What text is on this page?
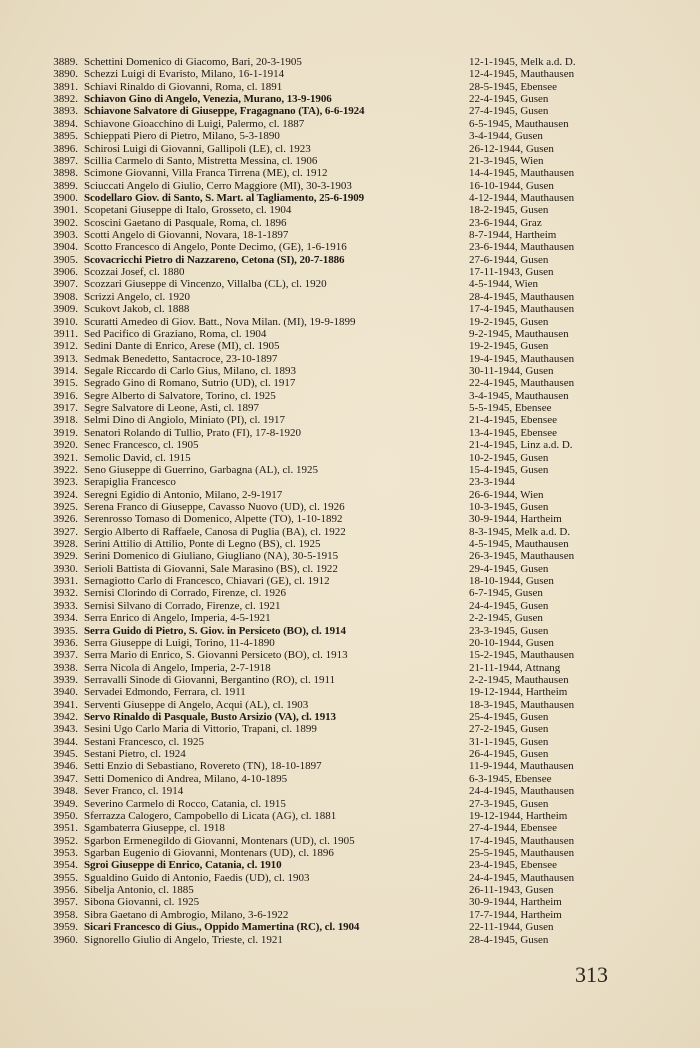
3889. Schettini Domenico di Giacomo, Bari, 20-3-1905	12-1-1945, Melk a.d. D.
3890. Schezzi Luigi di Evaristo, Milano, 16-1-1914	12-4-1945, Mauthausen
3891. Schiavi Rinaldo di Giovanni, Roma, cl. 1891	28-5-1945, Ebensee
3892. Schiavon Gino di Angelo, Venezia, Murano, 13-9-1906	22-4-1945, Gusen
3893. Schiavone Salvatore di Giuseppe, Fragagnano (TA), 6-6-1924	27-4-1945, Gusen
3894. Schiavone Gioacchino di Luigi, Palermo, cl. 1887	6-5-1945, Mauthausen
3895. Schieppati Piero di Pietro, Milano, 5-3-1890	3-4-1944, Gusen
3896. Schirosi Luigi di Giovanni, Gallipoli (LE), cl. 1923	26-12-1944, Gusen
3897. Scillia Carmelo di Santo, Mistretta Messina, cl. 1906	21-3-1945, Wien
3898. Scimone Giovanni, Villa Franca Tirrena (ME), cl. 1912	14-4-1945, Mauthausen
3899. Sciuccati Angelo di Giulio, Cerro Maggiore (MI), 30-3-1903	16-10-1944, Gusen
3900. Scodellaro Giov. di Santo, S. Mart. al Tagliamento, 25-6-1909	4-12-1944, Mauthausen
3901. Scopetani Giuseppe di Italo, Grosseto, cl. 1904	18-2-1945, Gusen
3902. Scoscini Gaetano di Pasquale, Roma, cl. 1896	23-6-1944, Graz
3903. Scotti Angelo di Giovanni, Novara, 18-1-1897	8-7-1944, Hartheim
3904. Scotto Francesco di Angelo, Ponte Decimo, (GE), 1-6-1916	23-6-1944, Mauthausen
3905. Scovacricchi Pietro di Nazzareno, Cetona (SI), 20-7-1886	27-6-1944, Gusen
3906. Scozzai Josef, cl. 1880	17-11-1943, Gusen
3907. Scozzari Giuseppe di Vincenzo, Villalba (CL), cl. 1920	4-5-1944, Wien
3908. Scrizzi Angelo, cl. 1920	28-4-1945, Mauthausen
3909. Scukovt Jakob, cl. 1888	17-4-1945, Mauthausen
3910. Scuratti Amedeo di Giov. Batt., Nova Milan. (MI), 19-9-1899	19-2-1945, Gusen
3911. Sed Pacifico di Graziano, Roma, cl. 1904	9-2-1945, Mauthausen
3912. Sedini Dante di Enrico, Arese (MI), cl. 1905	19-2-1945, Gusen
3913. Sedmak Benedetto, Santacroce, 23-10-1897	19-4-1945, Mauthausen
3914. Segale Riccardo di Carlo Gius, Milano, cl. 1893	30-11-1944, Gusen
3915. Segrado Gino di Romano, Sutrio (UD), cl. 1917	22-4-1945, Mauthausen
3916. Segre Alberto di Salvatore, Torino, cl. 1925	3-4-1945, Mauthausen
3917. Segre Salvatore di Leone, Asti, cl. 1897	5-5-1945, Ebensee
3918. Selmi Dino di Angiolo, Miniato (PI), cl. 1917	21-4-1945, Ebensee
3919. Senatori Rolando di Tullio, Prato (FI), 17-8-1920	13-4-1945, Ebensee
3920. Senec Francesco, cl. 1905	21-4-1945, Linz a.d. D.
3921. Semolic David, cl. 1915	10-2-1945, Gusen
3922. Seno Giuseppe di Guerrino, Garbagna (AL), cl. 1925	15-4-1945, Gusen
3923. Serapiglia Francesco	23-3-1944
3924. Seregni Egidio di Antonio, Milano, 2-9-1917	26-6-1944, Wien
3925. Serena Franco di Giuseppe, Cavasso Nuovo (UD), cl. 1926	10-3-1945, Gusen
3926. Serenrosso Tomaso di Domenico, Alpette (TO), 1-10-1892	30-9-1944, Hartheim
3927. Sergio Alberto di Raffaele, Canosa di Puglia (BA), cl. 1922	8-3-1945, Melk a.d. D.
3928. Serini Attilio di Attilio, Ponte di Legno (BS), cl. 1925	4-5-1945, Mauthausen
3929. Serini Domenico di Giuliano, Giugliano (NA), 30-5-1915	26-3-1945, Mauthausen
3930. Serioli Battista di Giovanni, Sale Marasino (BS), cl. 1922	29-4-1945, Gusen
3931. Sernagiotto Carlo di Francesco, Chiavari (GE), cl. 1912	18-10-1944, Gusen
3932. Sernisi Clorindo di Corrado, Firenze, cl. 1926	6-7-1945, Gusen
3933. Sernisi Silvano di Corrado, Firenze, cl. 1921	24-4-1945, Gusen
3934. Serra Enrico di Angelo, Imperia, 4-5-1921	2-2-1945, Gusen
3935. Serra Guido di Pietro, S. Giov. in Persiceto (BO), cl. 1914	23-3-1945, Gusen
3936. Serra Giuseppe di Luigi, Torino, 11-4-1890	20-10-1944, Gusen
3937. Serra Mario di Enrico, S. Giovanni Persiceto (BO), cl. 1913	15-2-1945, Mauthausen
3938. Serra Nicola di Angelo, Imperia, 2-7-1918	21-11-1944, Attnang
3939. Serravalli Sinode di Giovanni, Bergantino (RO), cl. 1911	2-2-1945, Mauthausen
3940. Servadei Edmondo, Ferrara, cl. 1911	19-12-1944, Hartheim
3941. Serventi Giuseppe di Angelo, Acqui (AL), cl. 1903	18-3-1945, Mauthausen
3942. Servo Rinaldo di Pasquale, Busto Arsizio (VA), cl. 1913	25-4-1945, Gusen
3943. Sesini Ugo Carlo Maria di Vittorio, Trapani, cl. 1899	27-2-1945, Gusen
3944. Sestani Francesco, cl. 1925	31-1-1945, Gusen
3945. Sestani Pietro, cl. 1924	26-4-1945, Gusen
3946. Setti Enzio di Sebastiano, Rovereto (TN), 18-10-1897	11-9-1944, Mauthausen
3947. Setti Domenico di Andrea, Milano, 4-10-1895	6-3-1945, Ebensee
3948. Sever Franco, cl. 1914	24-4-1945, Mauthausen
3949. Severino Carmelo di Rocco, Catania, cl. 1915	27-3-1945, Gusen
3950. Sferrazza Calogero, Campobello di Licata (AG), cl. 1881	19-12-1944, Hartheim
3951. Sgambaterra Giuseppe, cl. 1918	27-4-1944, Ebensee
3952. Sgarbon Ermenegildo di Giovanni, Montenars (UD), cl. 1905	17-4-1945, Mauthausen
3953. Sgarban Eugenio di Giovanni, Montenars (UD), cl. 1896	25-5-1945, Mauthausen
3954. Sgroi Giuseppe di Enrico, Catania, cl. 1910	23-4-1945, Ebensee
3955. Sgualdino Guido di Antonio, Faedis (UD), cl. 1903	24-4-1945, Mauthausen
3956. Sibelja Antonio, cl. 1885	26-11-1943, Gusen
3957. Sibona Giovanni, cl. 1925	30-9-1944, Hartheim
3958. Sibra Gaetano di Ambrogio, Milano, 3-6-1922	17-7-1944, Hartheim
3959. Sicari Francesco di Gius., Oppido Mamertina (RC), cl. 1904	22-11-1944, Gusen
3960. Signorello Giulio di Angelo, Trieste, cl. 1921	28-4-1945, Gusen
313
